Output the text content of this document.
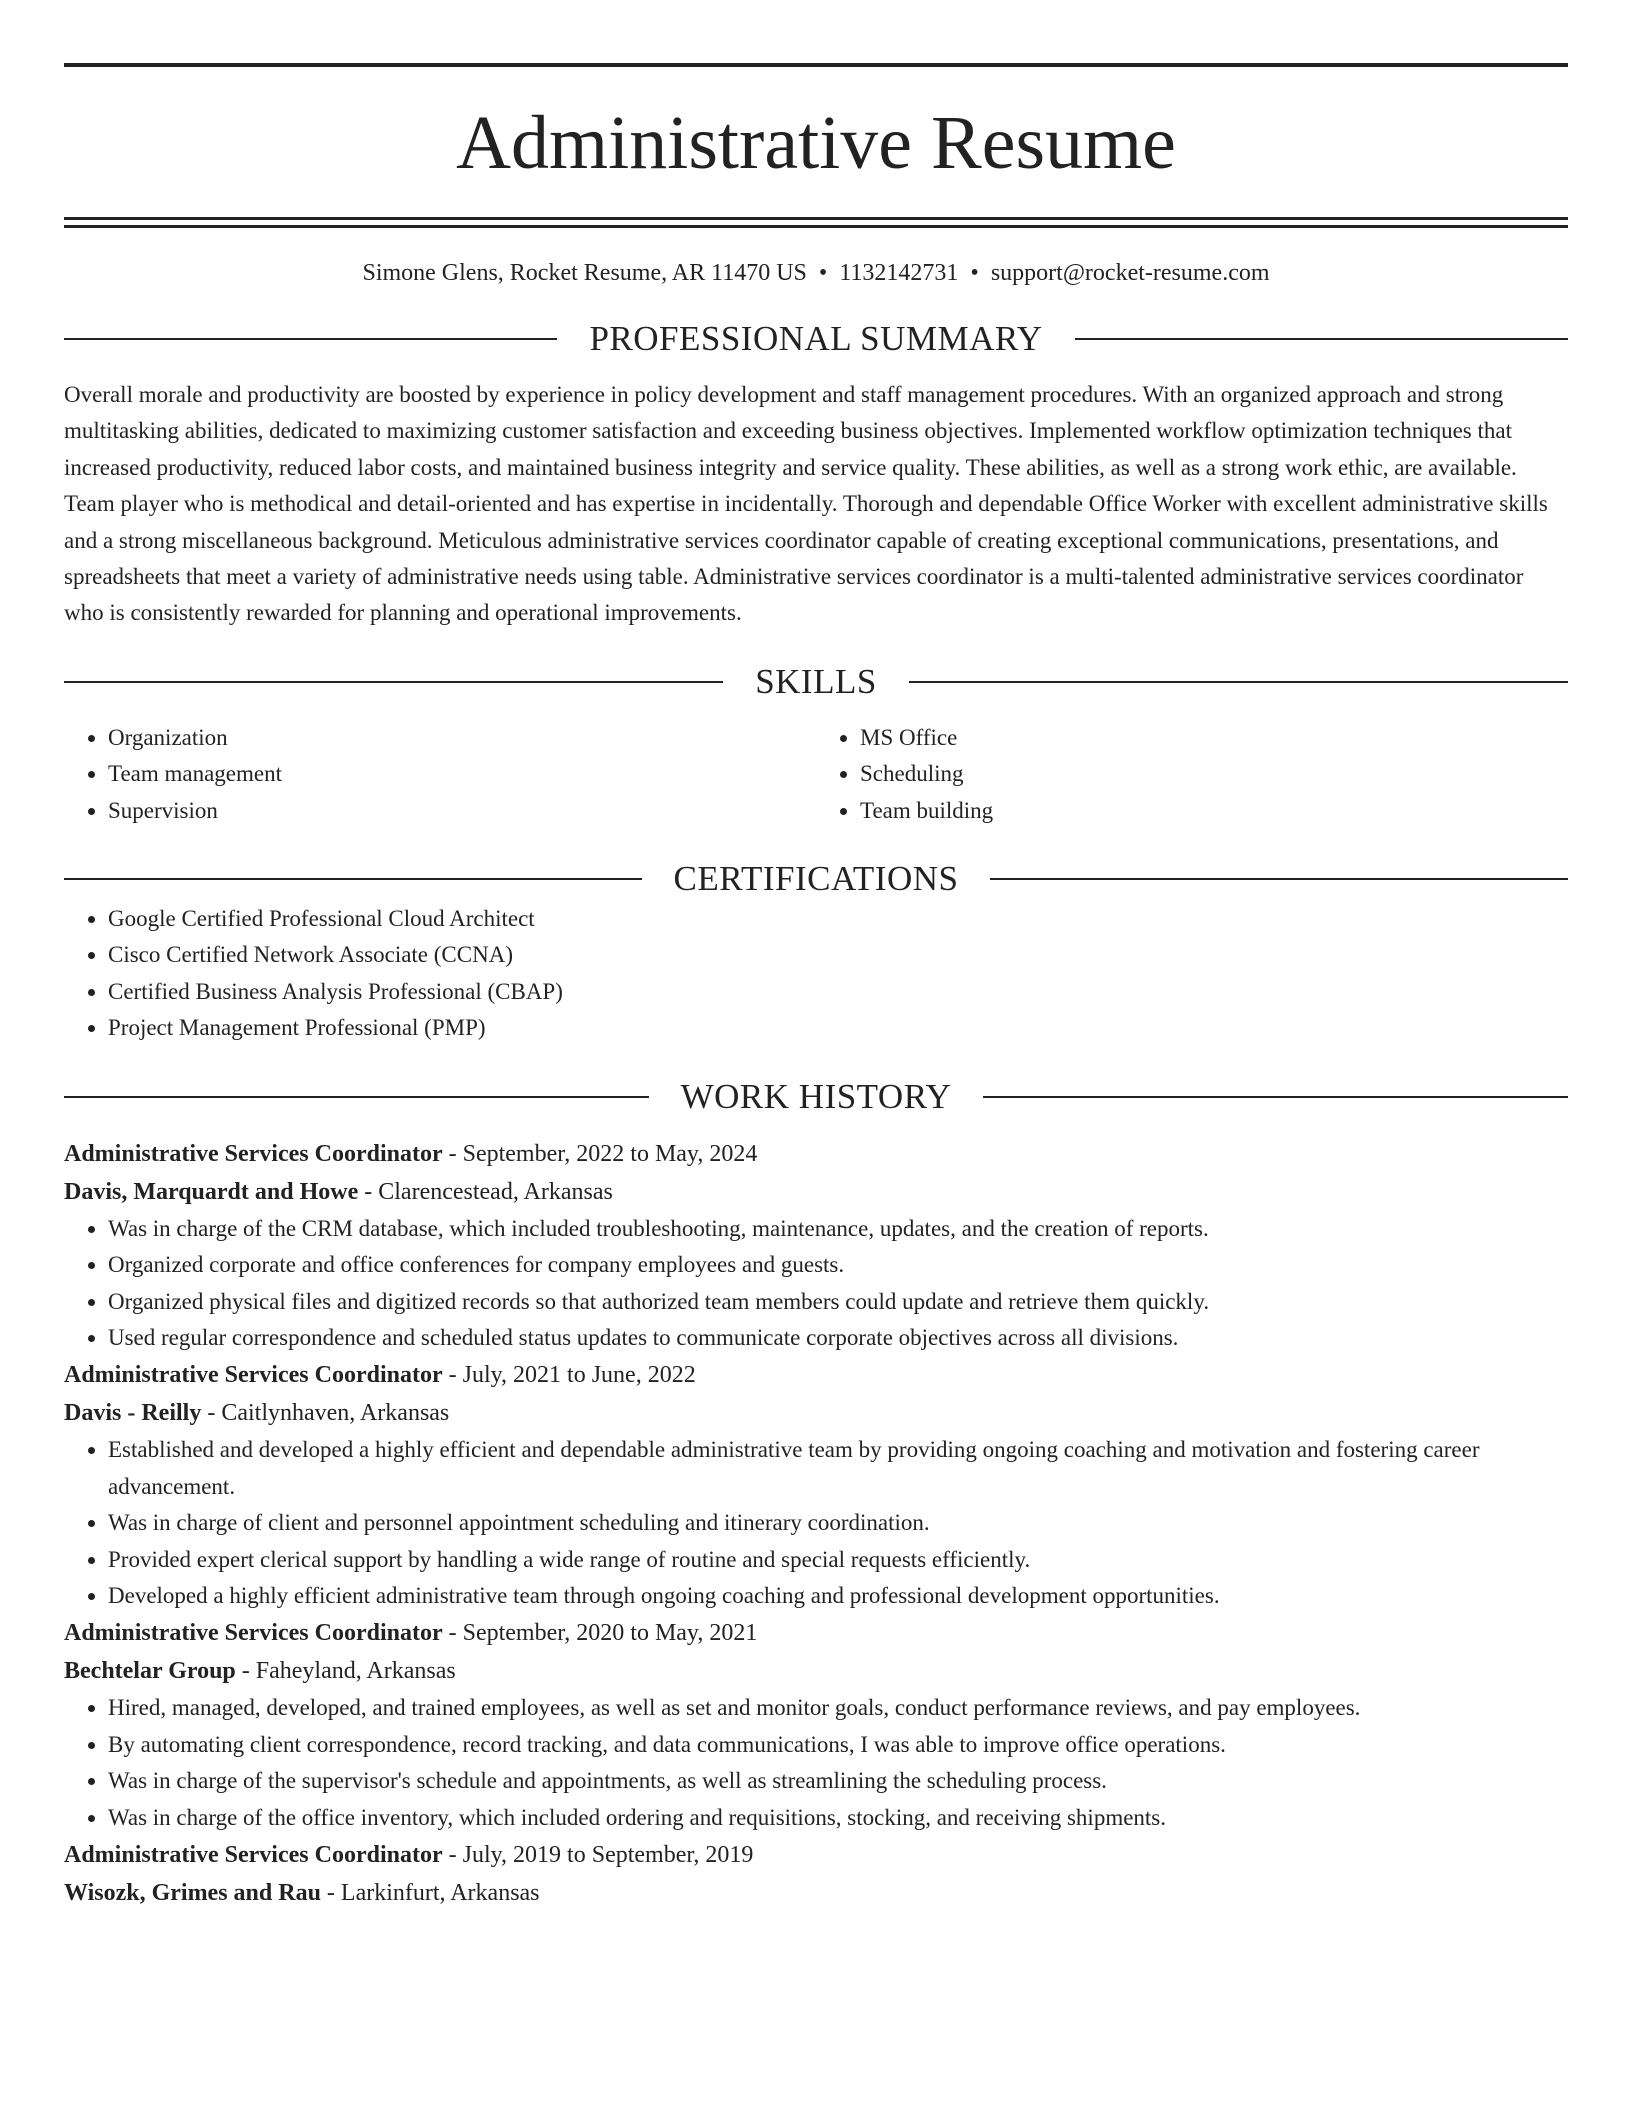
Administrative Resume
Simone Glens, Rocket Resume, AR 11470 US • 1132142731 • support@rocket-resume.com
PROFESSIONAL SUMMARY
Overall morale and productivity are boosted by experience in policy development and staff management procedures. With an organized approach and strong multitasking abilities, dedicated to maximizing customer satisfaction and exceeding business objectives. Implemented workflow optimization techniques that increased productivity, reduced labor costs, and maintained business integrity and service quality. These abilities, as well as a strong work ethic, are available. Team player who is methodical and detail-oriented and has expertise in incidentally. Thorough and dependable Office Worker with excellent administrative skills and a strong miscellaneous background. Meticulous administrative services coordinator capable of creating exceptional communications, presentations, and spreadsheets that meet a variety of administrative needs using table. Administrative services coordinator is a multi-talented administrative services coordinator who is consistently rewarded for planning and operational improvements.
SKILLS
• Organization
• Team management
• Supervision
• MS Office
• Scheduling
• Team building
CERTIFICATIONS
• Google Certified Professional Cloud Architect
• Cisco Certified Network Associate (CCNA)
• Certified Business Analysis Professional (CBAP)
• Project Management Professional (PMP)
WORK HISTORY
Administrative Services Coordinator - September, 2022 to May, 2024
Davis, Marquardt and Howe - Clarencestead, Arkansas
• Was in charge of the CRM database, which included troubleshooting, maintenance, updates, and the creation of reports.
• Organized corporate and office conferences for company employees and guests.
• Organized physical files and digitized records so that authorized team members could update and retrieve them quickly.
• Used regular correspondence and scheduled status updates to communicate corporate objectives across all divisions.
Administrative Services Coordinator - July, 2021 to June, 2022
Davis - Reilly - Caitlynhaven, Arkansas
• Established and developed a highly efficient and dependable administrative team by providing ongoing coaching and motivation and fostering career advancement.
• Was in charge of client and personnel appointment scheduling and itinerary coordination.
• Provided expert clerical support by handling a wide range of routine and special requests efficiently.
• Developed a highly efficient administrative team through ongoing coaching and professional development opportunities.
Administrative Services Coordinator - September, 2020 to May, 2021
Bechtelar Group - Faheyland, Arkansas
• Hired, managed, developed, and trained employees, as well as set and monitor goals, conduct performance reviews, and pay employees.
• By automating client correspondence, record tracking, and data communications, I was able to improve office operations.
• Was in charge of the supervisor's schedule and appointments, as well as streamlining the scheduling process.
• Was in charge of the office inventory, which included ordering and requisitions, stocking, and receiving shipments.
Administrative Services Coordinator - July, 2019 to September, 2019
Wisozk, Grimes and Rau - Larkinfurt, Arkansas
